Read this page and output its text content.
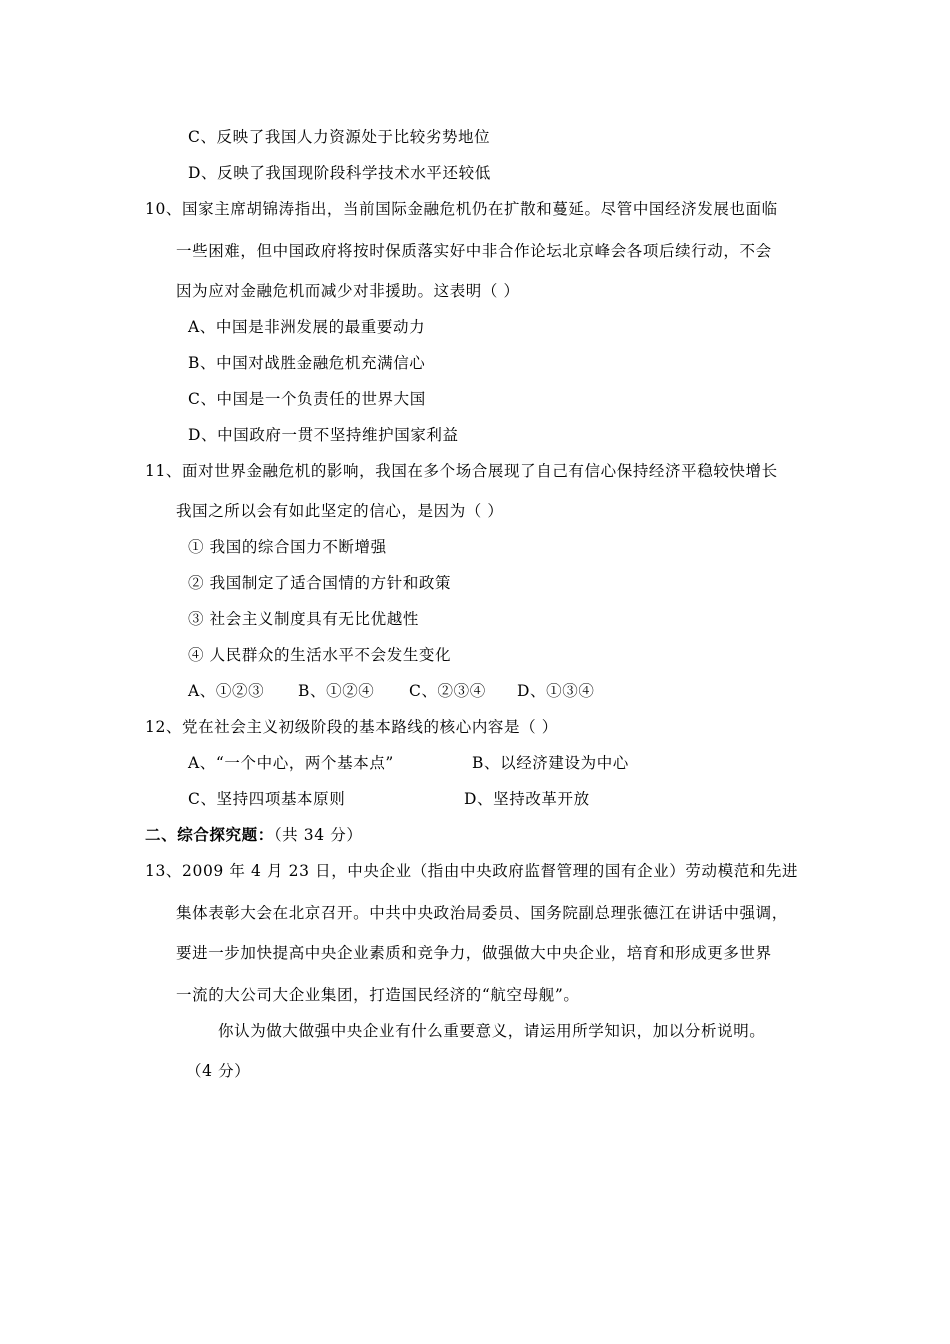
C、反映了我国人力资源处于比较劣势地位
D、反映了我国现阶段科学技术水平还较低
10、国家主席胡锦涛指出，当前国际金融危机仍在扩散和蔓延。尽管中国经济发展也面临
一些困难，但中国政府将按时保质落实好中非合作论坛北京峰会各项后续行动，不会
因为应对金融危机而减少对非援助。这表明（ ）
A、中国是非洲发展的最重要动力
B、中国对战胜金融危机充满信心
C、中国是一个负责任的世界大国
D、中国政府一贯不坚持维护国家利益
11、面对世界金融危机的影响，我国在多个场合展现了自己有信心保持经济平稳较快增长
我国之所以会有如此坚定的信心，是因为（ ）
① 我国的综合国力不断增强
② 我国制定了适合国情的方针和政策
③ 社会主义制度具有无比优越性
④ 人民群众的生活水平不会发生变化
A、①②③ B、①②④ C、②③④ D、①③④
12、党在社会主义初级阶段的基本路线的核心内容是（ ）
A、“一个中心，两个基本点”	B、以经济建设为中心
C、坚持四项基本原则	D、坚持改革开放
二、综合探究题：（共 34 分）
13、2009 年 4 月 23 日，中央企业（指由中央政府监督管理的国有企业）劳动模范和先进
集体表彰大会在北京召开。中共中央政治局委员、国务院副总理张德江在讲话中强调，
要进一步加快提高中央企业素质和竞争力，做强做大中央企业，培育和形成更多世界
一流的大公司大企业集团，打造国民经济的“航空母舰”。
你认为做大做强中央企业有什么重要意义，请运用所学知识，加以分析说明。
（4 分）
